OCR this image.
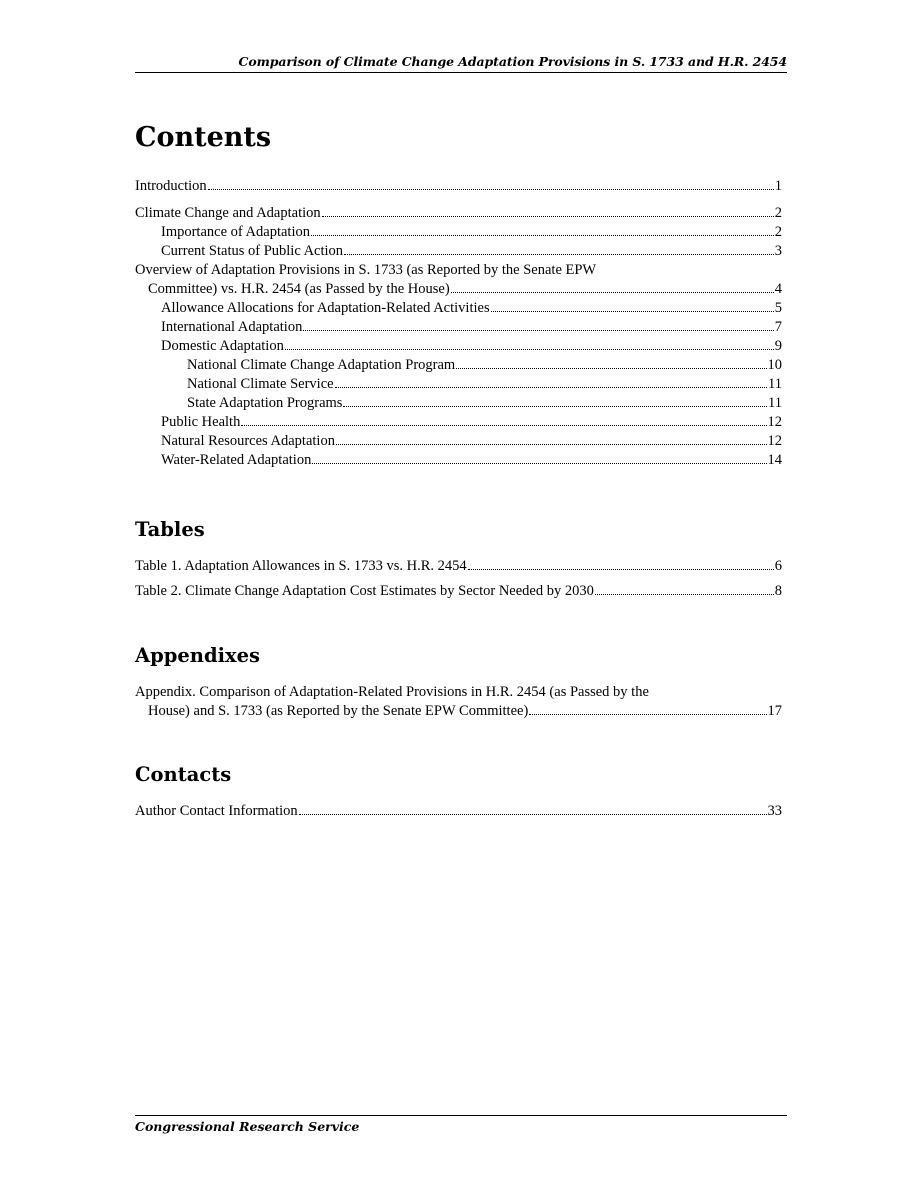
Comparison of Climate Change Adaptation Provisions in S. 1733 and H.R. 2454
Contents
Introduction	1
Climate Change and Adaptation	2
Importance of Adaptation	2
Current Status of Public Action	3
Overview of Adaptation Provisions in S. 1733 (as Reported by the Senate EPW
Committee) vs. H.R. 2454 (as Passed by the House)	4
Allowance Allocations for Adaptation-Related Activities	5
International Adaptation	7
Domestic Adaptation	9
National Climate Change Adaptation Program	10
National Climate Service	11
State Adaptation Programs	11
Public Health	12
Natural Resources Adaptation	12
Water-Related Adaptation	14
Tables
Table 1. Adaptation Allowances in S. 1733 vs. H.R. 2454	6
Table 2. Climate Change Adaptation Cost Estimates by Sector Needed by 2030	8
Appendixes
Appendix. Comparison of Adaptation-Related Provisions in H.R. 2454 (as Passed by the
House) and S. 1733 (as Reported by the Senate EPW Committee)	17
Contacts
Author Contact Information	33
Congressional Research Service
